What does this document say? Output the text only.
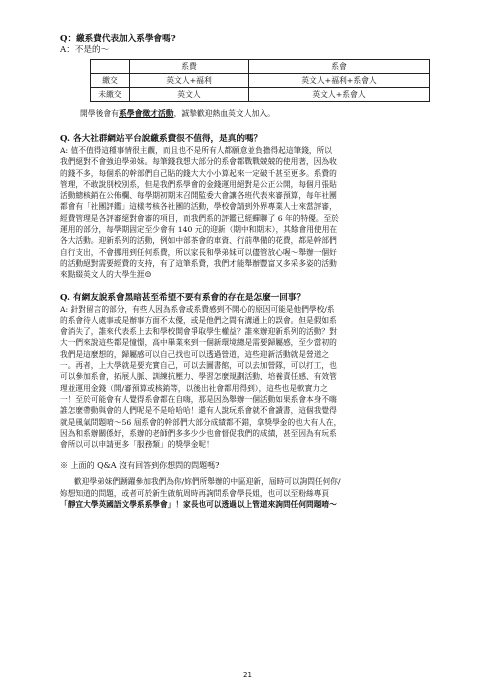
Q：繳系費代表加入系學會嗎?

A：不是的～

	系費	系會
繳交	英文人+福利	英文人+福利+系會人
未繳交	英文人	英文人+系會人

開學後會有系學會徵才活動，誠摯歡迎熱血英文人加入。

Q. 各大社群網站平台說繳系費很不值得，是真的嗎？

A: 值不值得這種事情很主觀，而且也不是所有人都願意並負擔得起這筆錢，所以

我們絕對不會強迫學弟妹。每筆錢我想大部分的系會都戰戰兢兢的使用著，因為收

的錢不多，每個系的幹部們自己貼的錢大大小小算起來一定破千甚至更多。系費的

管理，不敢說別校別系，但是我們系學會的金錢運用絕對是公正公開，每個月張貼

活動總核銷在公佈欄、每學期初期末召開監委大會讓各班代表來審預算，每年社團

都會有「社團評鑑」這樣考核各社團的活動，學校會請到外界專業人士來當評審，

經費管理是各評審絕對會審的項目，而我們系的評鑑已經蟬聯了 6 年的特優。至於

運用的部分，每學期固定至少會有 140 元的迎新（期中和期末），其餘會用使用在

各大活動。迎新系列的活動，例如中部茶會的車資、行前準備的花費，都是幹部們

自行支出，不會挪用到任何系費，所以家長和學弟妹可以儘管放心喔～舉辦一個好

的活動絕對需要經費的支持，有了這筆系費，我們才能舉辦豐富又多采多姿的活動

來點綴英文人的大學生涯☺

Q. 有網友說系會黑暗甚至希望不要有系會的存在是怎麼一回事？

A: 針對留言的部分，有些人因為系會或系費感到不開心的原因可能是他們學校/系

的系會待人處事或是辦事方面不太優，或是他們之間有溝通上的誤會。但是假如系

會消失了，誰來代表系上去和學校開會爭取學生權益？誰來辦迎新系列的活動？對

大一們來說這些都是憧憬，高中畢業來到一個新環境總是需要歸屬感，至少當初的

我們是這麼想的，歸屬感可以自己找也可以透過營道，這些迎新活動就是營道之

一。再者，上大學就是要充實自己，可以去圖書館，可以去加營隊，可以打工，也

可以參加系會，拓展人脈、訓練抗壓力、學習怎麼規劃活動、培養責任感、有效管

理並運用金錢（開/審預算或核銷等，以後出社會都用得到），這些也是軟實力之

一！至於可能會有人覺得系會都在自嗨，那是因為舉辦一個活動如果系會本身不嗨

誰怎麼帶動與會的人們呢是不是哈哈哈！還有人說玩系會就不會讀書，這個我覺得

就是風氣問題唷～56 屆系會的幹部們大部分成績都不錯，拿獎學金的也大有人在，

因為和系辦關係好，系辦的老師們多多少少也會督促我們的成績，甚至因為有玩系

會所以可以申請更多「服務類」的獎學金呢！

※ 上面的 Q&A 沒有回答到你想問的問題嗎?

歡迎學弟妹們踴躍參加我們為你/妳們所舉辦的中區迎新，屆時可以詢問任何你/

妳想知道的問題，或者可於新生啟航周時再詢問系會學長姐，也可以至粉絲專頁

「靜宜大學英國語文學系系學會」！家長也可以透過以上管道來詢問任何問題唷～

21
